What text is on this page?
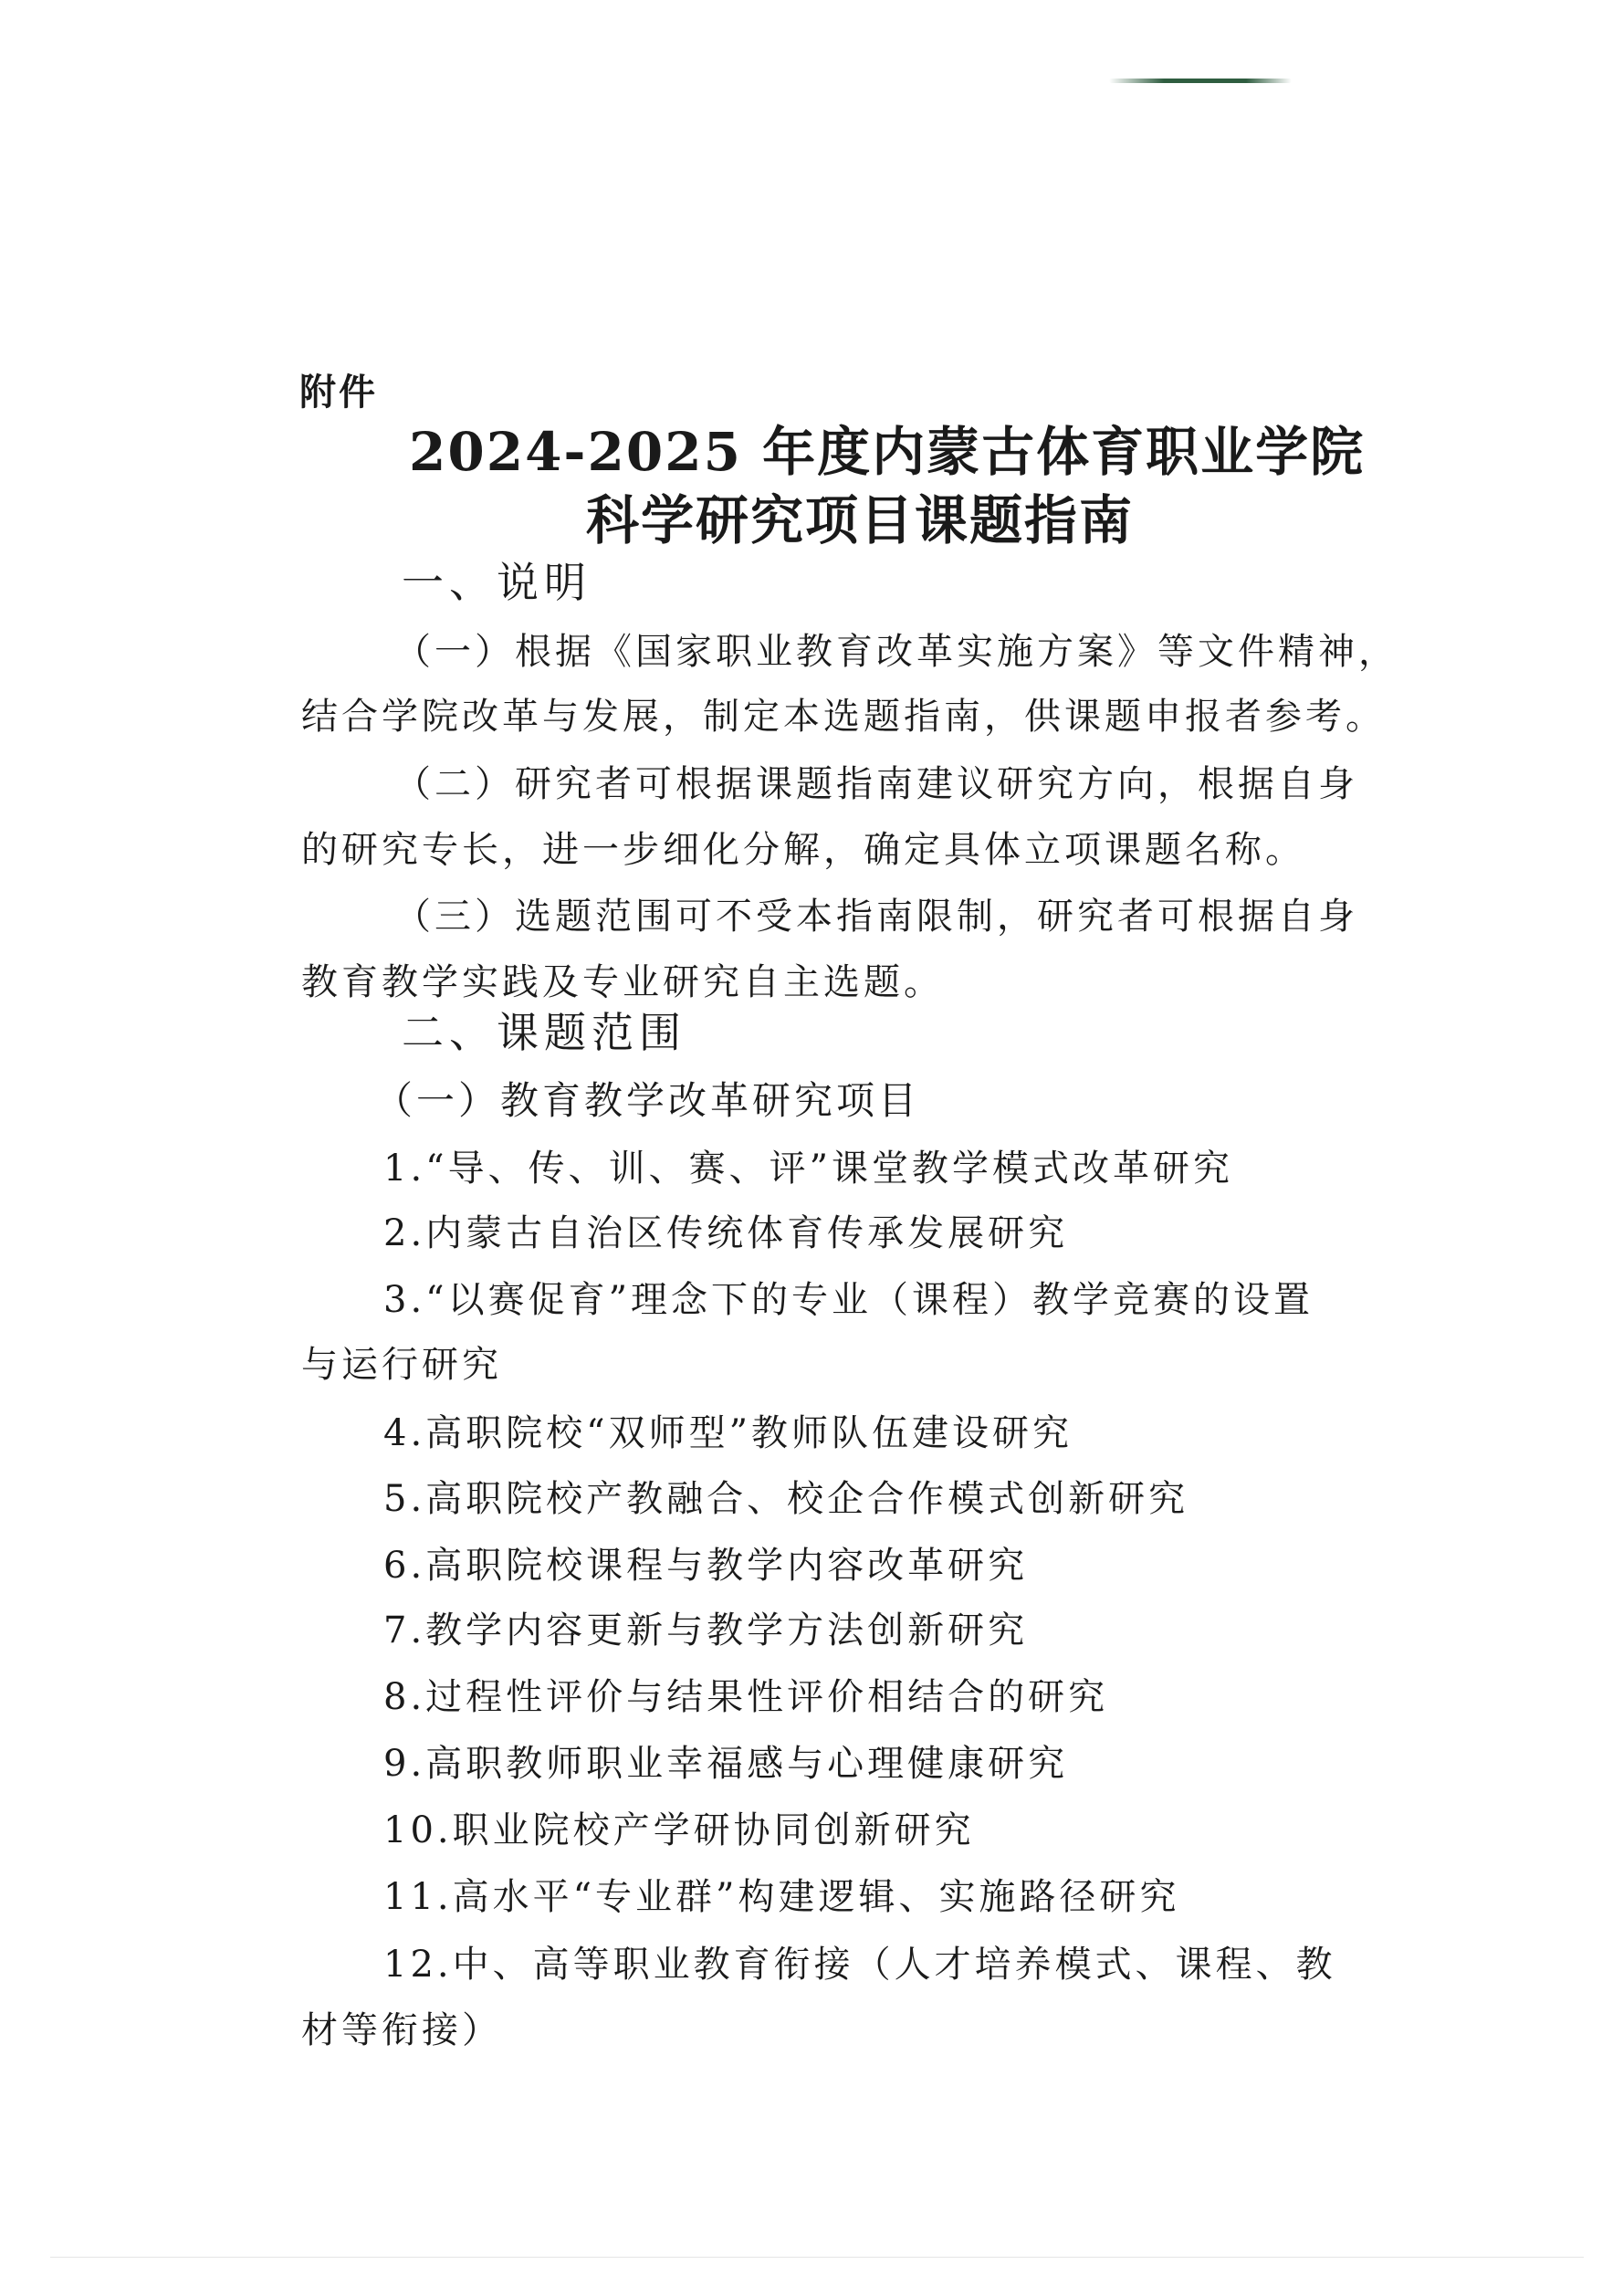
附件
2024-2025 年度内蒙古体育职业学院
科学研究项目课题指南
一、说明
（一）根据《国家职业教育改革实施方案》等文件精神，
结合学院改革与发展，制定本选题指南，供课题申报者参考。
（二）研究者可根据课题指南建议研究方向，根据自身
的研究专长，进一步细化分解，确定具体立项课题名称。
（三）选题范围可不受本指南限制，研究者可根据自身
教育教学实践及专业研究自主选题。
二、课题范围
（一）教育教学改革研究项目
1.“导、传、训、赛、评”课堂教学模式改革研究
2.内蒙古自治区传统体育传承发展研究
3.“以赛促育”理念下的专业（课程）教学竞赛的设置
与运行研究
4.高职院校“双师型”教师队伍建设研究
5.高职院校产教融合、校企合作模式创新研究
6.高职院校课程与教学内容改革研究
7.教学内容更新与教学方法创新研究
8.过程性评价与结果性评价相结合的研究
9.高职教师职业幸福感与心理健康研究
10.职业院校产学研协同创新研究
11.高水平“专业群”构建逻辑、实施路径研究
12.中、高等职业教育衔接（人才培养模式、课程、教
材等衔接）
